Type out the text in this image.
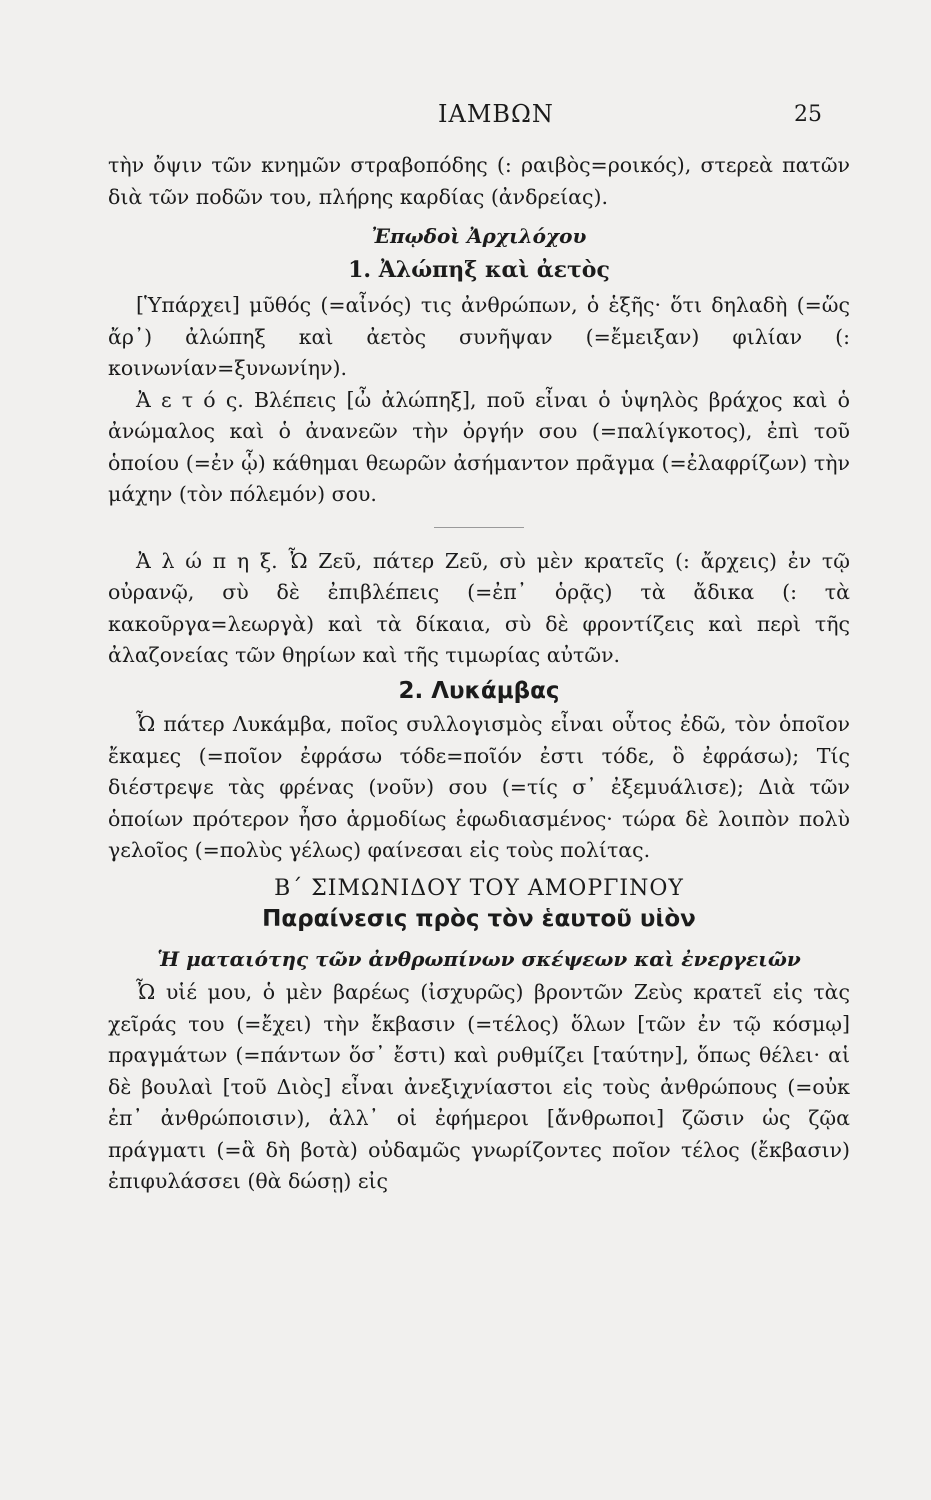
ΙΑΜΒΩΝ	25

τὴν ὄψιν τῶν κνημῶν στραβοπόδης (: ραιβὸς=ροικός), στερεὰ πατῶν διὰ τῶν ποδῶν του, πλήρης καρδίας (ἀνδρείας).

Ἐπῳδοὶ Ἀρχιλόχου
1. Ἀλώπηξ καὶ ἀετὸς

[Ὑπάρχει] μῦθός (=αἶνός) τις ἀνθρώπων, ὁ ἑξῆς· ὅτι δηλαδὴ (=ὥς ἄρ᾽) ἀλώπηξ καὶ ἀετὸς συνῆψαν (=ἔμειξαν) φιλίαν (: κοινωνίαν=ξυνωνίην).

Ἀ ε τ ό ς. Βλέπεις [ὦ ἀλώπηξ], ποῦ εἶναι ὁ ὑψηλὸς βράχος καὶ ὁ ἀνώμαλος καὶ ὁ ἀνανεῶν τὴν ὀργήν σου (=παλίγκοτος), ἐπὶ τοῦ ὁποίου (=ἐν ᾧ) κάθημαι θεωρῶν ἀσήμαντον πρᾶγμα (=ἐλαφρίζων) τὴν μάχην (τὸν πόλεμόν) σου.

Ἀ λ ώ π η ξ. Ὦ Ζεῦ, πάτερ Ζεῦ, σὺ μὲν κρατεῖς (: ἄρχεις) ἐν τῷ οὐρανῷ, σὺ δὲ ἐπιβλέπεις (=ἐπ᾽ ὁρᾷς) τὰ ἄδικα (: τὰ κακοῦργα=λεωργὰ) καὶ τὰ δίκαια, σὺ δὲ φροντίζεις καὶ περὶ τῆς ἀλαζονείας τῶν θηρίων καὶ τῆς τιμωρίας αὐτῶν.

2. Λυκάμβας

Ὦ πάτερ Λυκάμβα, ποῖος συλλογισμὸς εἶναι οὗτος ἐδῶ, τὸν ὁποῖον ἔκαμες (=ποῖον ἐφράσω τόδε=ποῖόν ἐστι τόδε, ὃ ἐφράσω); Τίς διέστρεψε τὰς φρένας (νοῦν) σου (=τίς σ᾽ ἐξεμυάλισε); Διὰ τῶν ὁποίων πρότερον ἦσο ἁρμοδίως ἐφωδιασμένος· τώρα δὲ λοιπὸν πολὺ γελοῖος (=πολὺς γέλως) φαίνεσαι εἰς τοὺς πολίτας.

Β΄ ΣΙΜΩΝΙΔΟΥ ΤΟΥ ΑΜΟΡΓΙΝΟΥ
Παραίνεσις πρὸς τὸν ἑαυτοῦ υἱὸν
Ἡ ματαιότης τῶν ἀνθρωπίνων σκέψεων καὶ ἐνεργειῶν

Ὦ υἱέ μου, ὁ μὲν βαρέως (ἰσχυρῶς) βροντῶν Ζεὺς κρατεῖ εἰς τὰς χεῖράς του (=ἔχει) τὴν ἔκβασιν (=τέλος) ὅλων [τῶν ἐν τῷ κόσμῳ] πραγμάτων (=πάντων ὅσ᾽ ἔστι) καὶ ρυθμίζει [ταύτην], ὅπως θέλει· αἱ δὲ βουλαὶ [τοῦ Διὸς] εἶναι ἀνεξιχνίαστοι εἰς τοὺς ἀνθρώπους (=οὐκ ἐπ᾽ ἀνθρώποισιν), ἀλλ᾽ οἱ ἐφήμεροι [ἄνθρωποι] ζῶσιν ὡς ζῷα πράγματι (=ἃ δὴ βοτὰ) οὐδαμῶς γνωρίζοντες ποῖον τέλος (ἔκβασιν) ἐπιφυλάσσει (θὰ δώσῃ) εἰς
